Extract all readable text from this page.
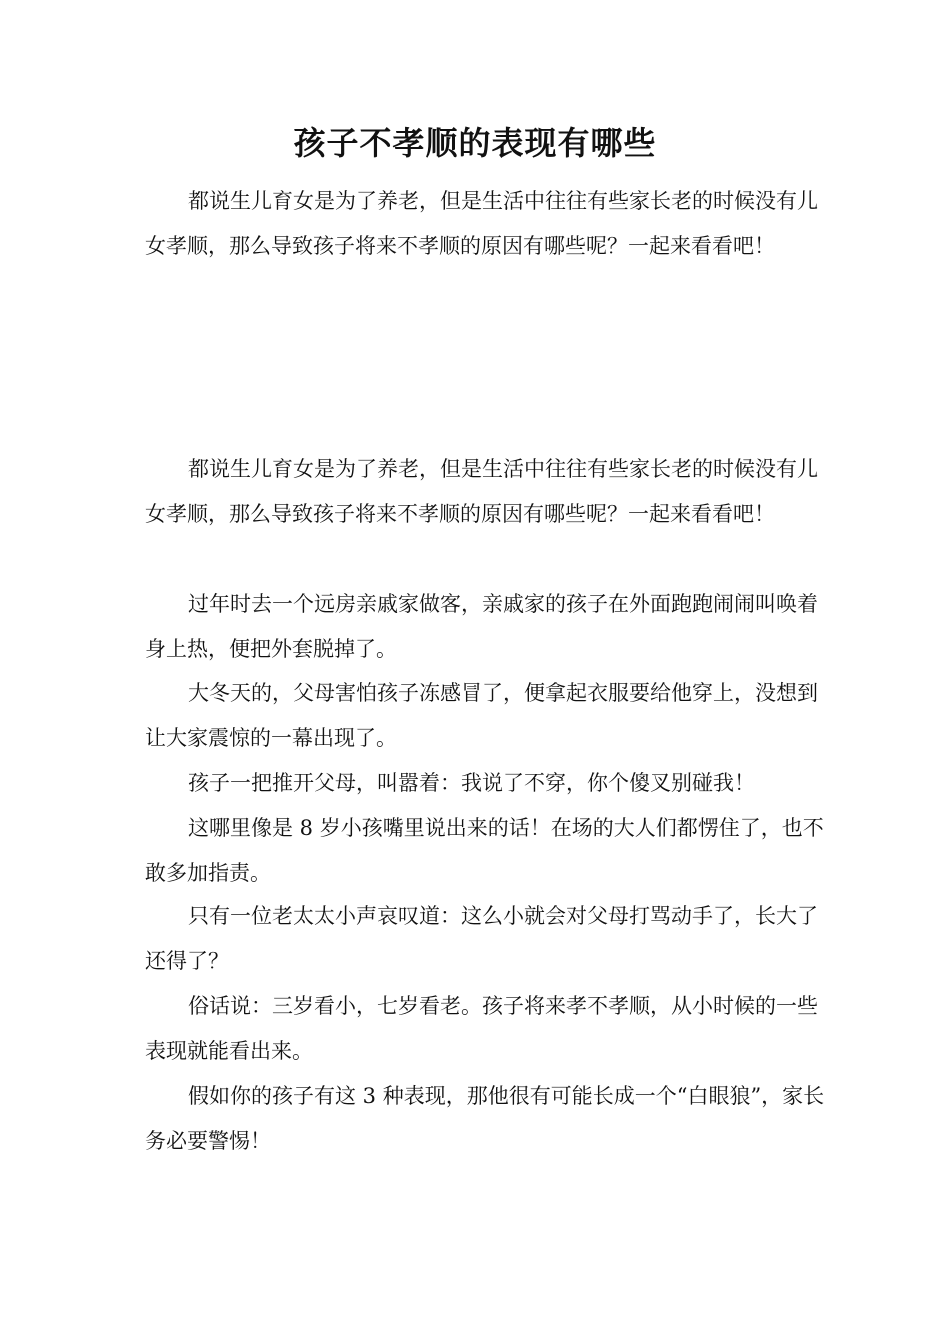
孩子不孝顺的表现有哪些

都说生儿育女是为了养老，但是生活中往往有些家长老的时候没有儿女孝顺，那么导致孩子将来不孝顺的原因有哪些呢？一起来看看吧！

都说生儿育女是为了养老，但是生活中往往有些家长老的时候没有儿女孝顺，那么导致孩子将来不孝顺的原因有哪些呢？一起来看看吧！

过年时去一个远房亲戚家做客，亲戚家的孩子在外面跑跑闹闹叫唤着身上热，便把外套脱掉了。

大冬天的，父母害怕孩子冻感冒了，便拿起衣服要给他穿上，没想到让大家震惊的一幕出现了。

孩子一把推开父母，叫嚣着：我说了不穿，你个傻叉别碰我！

这哪里像是 8 岁小孩嘴里说出来的话！在场的大人们都愣住了，也不敢多加指责。

只有一位老太太小声哀叹道：这么小就会对父母打骂动手了，长大了还得了？

俗话说：三岁看小，七岁看老。孩子将来孝不孝顺，从小时候的一些表现就能看出来。

假如你的孩子有这 3 种表现，那他很有可能长成一个“白眼狼”，家长务必要警惕！
